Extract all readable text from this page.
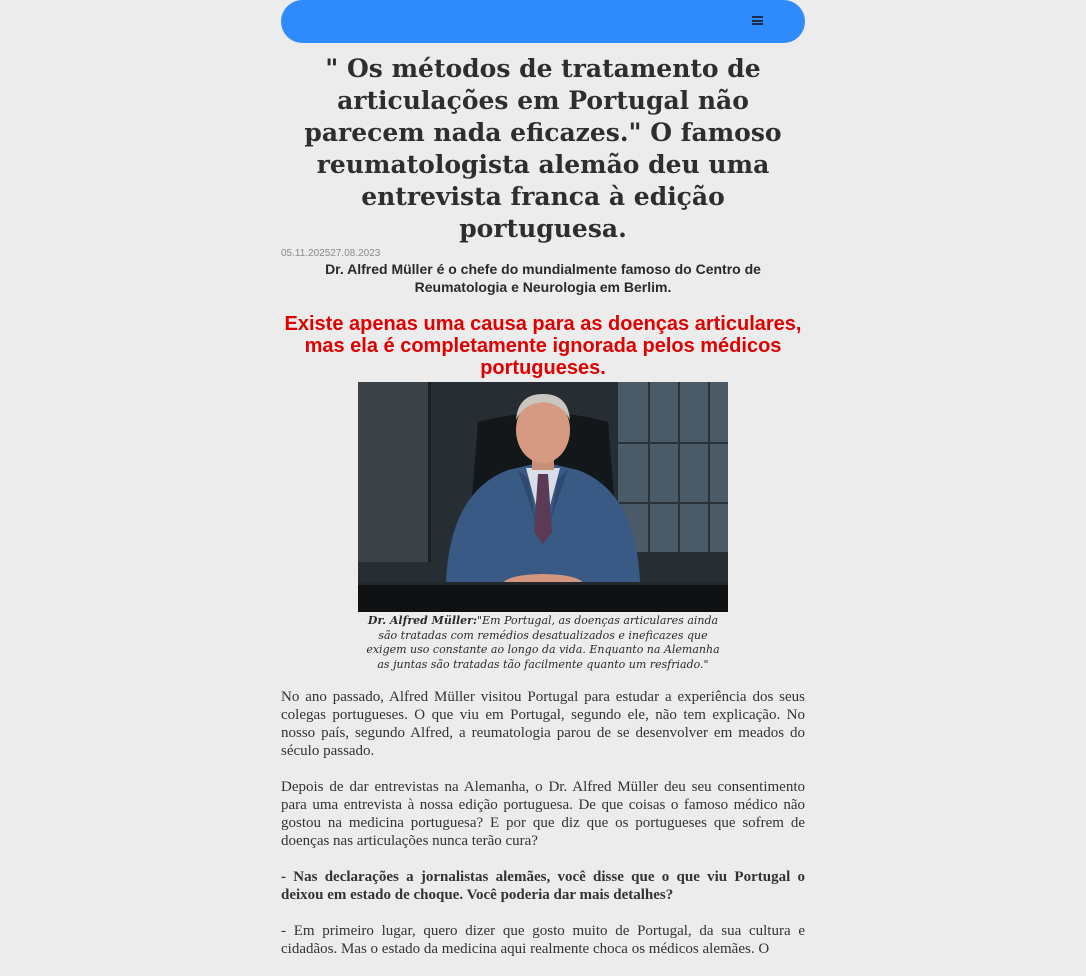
" Os métodos de tratamento de articulações em Portugal não parecem nada eficazes." O famoso reumatologista alemão deu uma entrevista franca à edição portuguesa.
05.11.202527.08.2023
Dr. Alfred Müller é o chefe do mundialmente famoso do Centro de Reumatologia e Neurologia em Berlim.
Existe apenas uma causa para as doenças articulares, mas ela é completamente ignorada pelos médicos portugueses.
Dr. Alfred Müller:"Em Portugal, as doenças articulares ainda são tratadas com remédios desatualizados e ineficazes que exigem uso constante ao longo da vida. Enquanto na Alemanha as juntas são tratadas tão facilmente quanto um resfriado."

No ano passado, Alfred Müller visitou Portugal para estudar a experiência dos seus colegas portugueses. O que viu em Portugal, segundo ele, não tem explicação. No nosso país, segundo Alfred, a reumatologia parou de se desenvolver em meados do século passado.

Depois de dar entrevistas na Alemanha, o Dr. Alfred Müller deu seu consentimento para uma entrevista à nossa edição portuguesa. De que coisas o famoso médico não gostou na medicina portuguesa? E por que diz que os portugueses que sofrem de doenças nas articulações nunca terão cura?

- Nas declarações a jornalistas alemães, você disse que o que viu Portugal o deixou em estado de choque. Você poderia dar mais detalhes?

- Em primeiro lugar, quero dizer que gosto muito de Portugal, da sua cultura e cidadãos. Mas o estado da medicina aqui realmente choca os médicos alemães. O
